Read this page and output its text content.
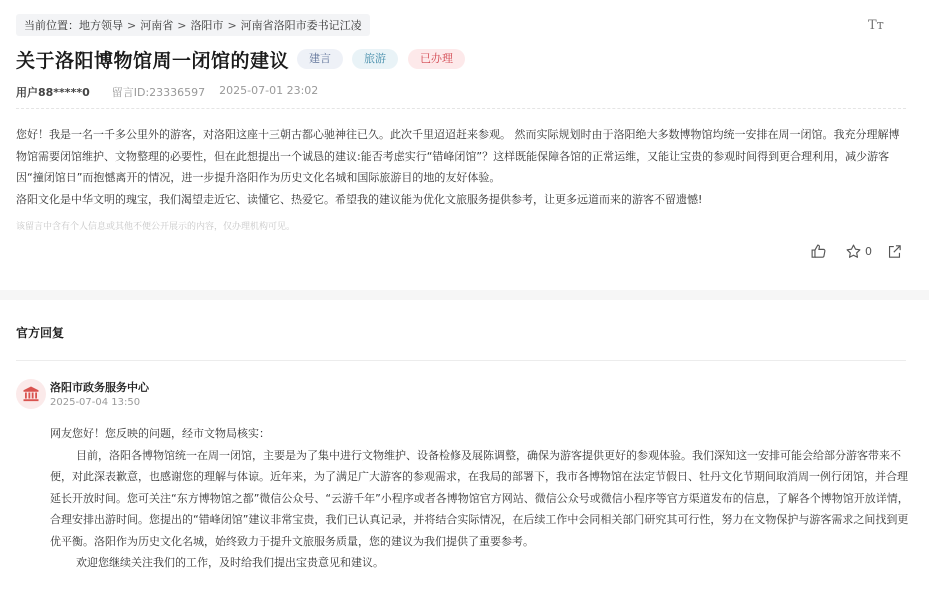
当前位置： 地方领导 > 河南省 > 洛阳市 > 河南省洛阳市委书记江凌	Tт
关于洛阳博物馆周一闭馆的建议	建言	旅游	已办理
用户88*****0 留言ID:23336597 2025-07-01 23:02

您好！我是一名一千多公里外的游客，对洛阳这座十三朝古都心驰神往已久。此次千里迢迢赶来参观。 然而实际规划时由于洛阳绝大多数博物馆均统一安排在周一闭馆。我充分理解博物馆需要闭馆维护、文物整理的必要性，但在此想提出一个诚恳的建议:能否考虑实行“错峰闭馆”？这样既能保障各馆的正常运维，又能让宝贵的参观时间得到更合理利用，减少游客因“撞闭馆日”而抱憾离开的情况，进一步提升洛阳作为历史文化名城和国际旅游目的地的友好体验。

洛阳文化是中华文明的瑰宝，我们渴望走近它、读懂它、热爱它。希望我的建议能为优化文旅服务提供参考，让更多远道而来的游客不留遗憾!

该留言中含有个人信息或其他不便公开展示的内容，仅办理机构可见。
0
官方回复
洛阳市政务服务中心
2025-07-04 13:50

网友您好！您反映的问题，经市文物局核实：

目前，洛阳各博物馆统一在周一闭馆，主要是为了集中进行文物维护、设备检修及展陈调整，确保为游客提供更好的参观体验。我们深知这一安排可能会给部分游客带来不便，对此深表歉意，也感谢您的理解与体谅。近年来，为了满足广大游客的参观需求，在我局的部署下，我市各博物馆在法定节假日、牡丹文化节期间取消周一例行闭馆，并合理延长开放时间。您可关注“东方博物馆之都”微信公众号、“云游千年”小程序或者各博物馆官方网站、微信公众号或微信小程序等官方渠道发布的信息，了解各个博物馆开放详情，合理安排出游时间。您提出的“错峰闭馆”建议非常宝贵，我们已认真记录，并将结合实际情况，在后续工作中会同相关部门研究其可行性，努力在文物保护与游客需求之间找到更优平衡。洛阳作为历史文化名城，始终致力于提升文旅服务质量，您的建议为我们提供了重要参考。

欢迎您继续关注我们的工作，及时给我们提出宝贵意见和建议。
